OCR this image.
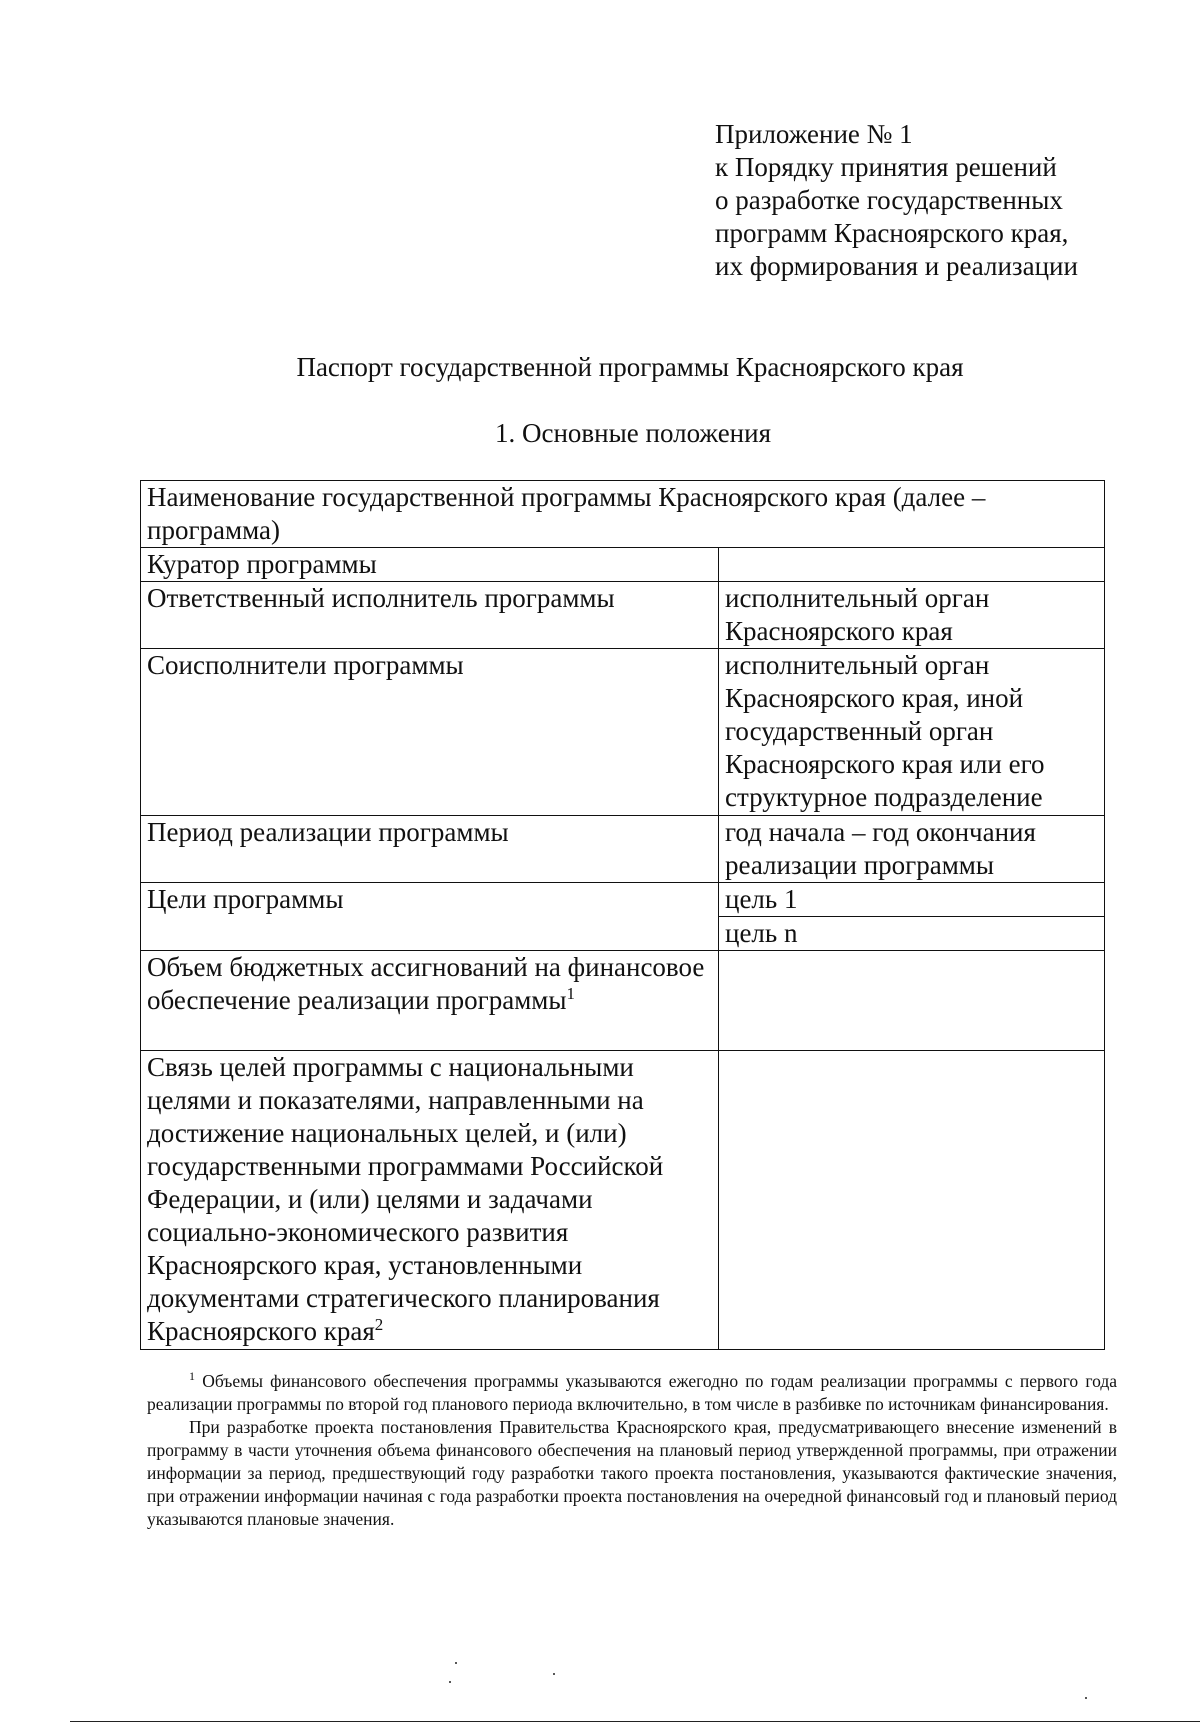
Приложение № 1
к Порядку принятия решений
о разработке государственных
программ Красноярского края,
их формирования и реализации
Паспорт государственной программы Красноярского края
1. Основные положения
Наименование государственной программы Красноярского края (далее – программа)	
Куратор программы	
Ответственный исполнитель программы	исполнительный орган Красноярского края
Соисполнители программы	исполнительный орган Красноярского края, иной государственный орган Красноярского края или его структурное подразделение
Период реализации программы	год начала – год окончания реализации программы
Цели программы	цель 1
	цель n
Объем бюджетных ассигнований на финансовое обеспечение реализации программы$^1$	
Связь целей программы с национальными целями и показателями, направленными на достижение национальных целей, и (или) государственными программами Российской Федерации, и (или) целями и задачами социально-экономического развития Красноярского края, установленными документами стратегического планирования Красноярского края$^2$	

$^1$ Объемы финансового обеспечения программы указываются ежегодно по годам реализации программы с первого года реализации программы по второй год планового периода включительно, в том числе в разбивке по источникам финансирования.

При разработке проекта постановления Правительства Красноярского края, предусматривающего внесение изменений в программу в части уточнения объема финансового обеспечения на плановый период утвержденной программы, при отражении информации за период, предшествующий году разработки такого проекта постановления, указываются фактические значения, при отражении информации начиная с года разработки проекта постановления на очередной финансовый год и плановый период указываются плановые значения.
